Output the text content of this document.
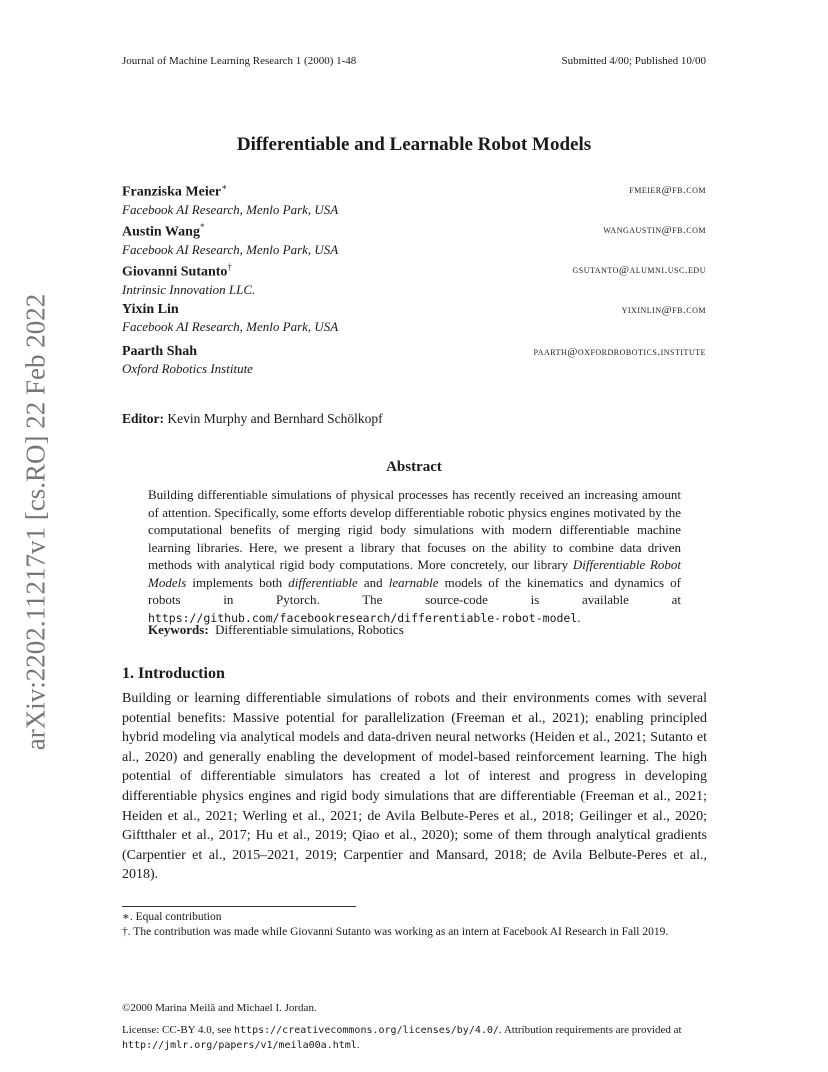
Journal of Machine Learning Research 1 (2000) 1-48	Submitted 4/00; Published 10/00
arXiv:2202.11217v1 [cs.RO] 22 Feb 2022
Differentiable and Learnable Robot Models
Franziska Meier∗
Facebook AI Research, Menlo Park, USA
fmeier@fb.com
Austin Wang*
Facebook AI Research, Menlo Park, USA
wangaustin@fb.com
Giovanni Sutanto†
Intrinsic Innovation LLC.
gsutanto@alumni.usc.edu
Yixin Lin
Facebook AI Research, Menlo Park, USA
yixinlin@fb.com
Paarth Shah
Oxford Robotics Institute
paarth@oxfordrobotics.institute
Editor: Kevin Murphy and Bernhard Schölkopf
Abstract
Building differentiable simulations of physical processes has recently received an increasing amount of attention. Specifically, some efforts develop differentiable robotic physics engines motivated by the computational benefits of merging rigid body simulations with modern differentiable machine learning libraries. Here, we present a library that focuses on the ability to combine data driven methods with analytical rigid body computations. More concretely, our library Differentiable Robot Models implements both differentiable and learnable models of the kinematics and dynamics of robots in Pytorch. The source-code is available at https://github.com/facebookresearch/differentiable-robot-model.
Keywords: Differentiable simulations, Robotics
1. Introduction
Building or learning differentiable simulations of robots and their environments comes with several potential benefits: Massive potential for parallelization (Freeman et al., 2021); enabling principled hybrid modeling via analytical models and data-driven neural networks (Heiden et al., 2021; Sutanto et al., 2020) and generally enabling the development of model-based reinforcement learning. The high potential of differentiable simulators has created a lot of interest and progress in developing differentiable physics engines and rigid body simulations that are differentiable (Freeman et al., 2021; Heiden et al., 2021; Werling et al., 2021; de Avila Belbute-Peres et al., 2018; Geilinger et al., 2020; Giftthaler et al., 2017; Hu et al., 2019; Qiao et al., 2020); some of them through analytical gradients (Carpentier et al., 2015–2021, 2019; Carpentier and Mansard, 2018; de Avila Belbute-Peres et al., 2018).
∗. Equal contribution
†. The contribution was made while Giovanni Sutanto was working as an intern at Facebook AI Research in Fall 2019.
©2000 Marina Meilă and Michael I. Jordan.
License: CC-BY 4.0, see https://creativecommons.org/licenses/by/4.0/. Attribution requirements are provided at http://jmlr.org/papers/v1/meila00a.html.
